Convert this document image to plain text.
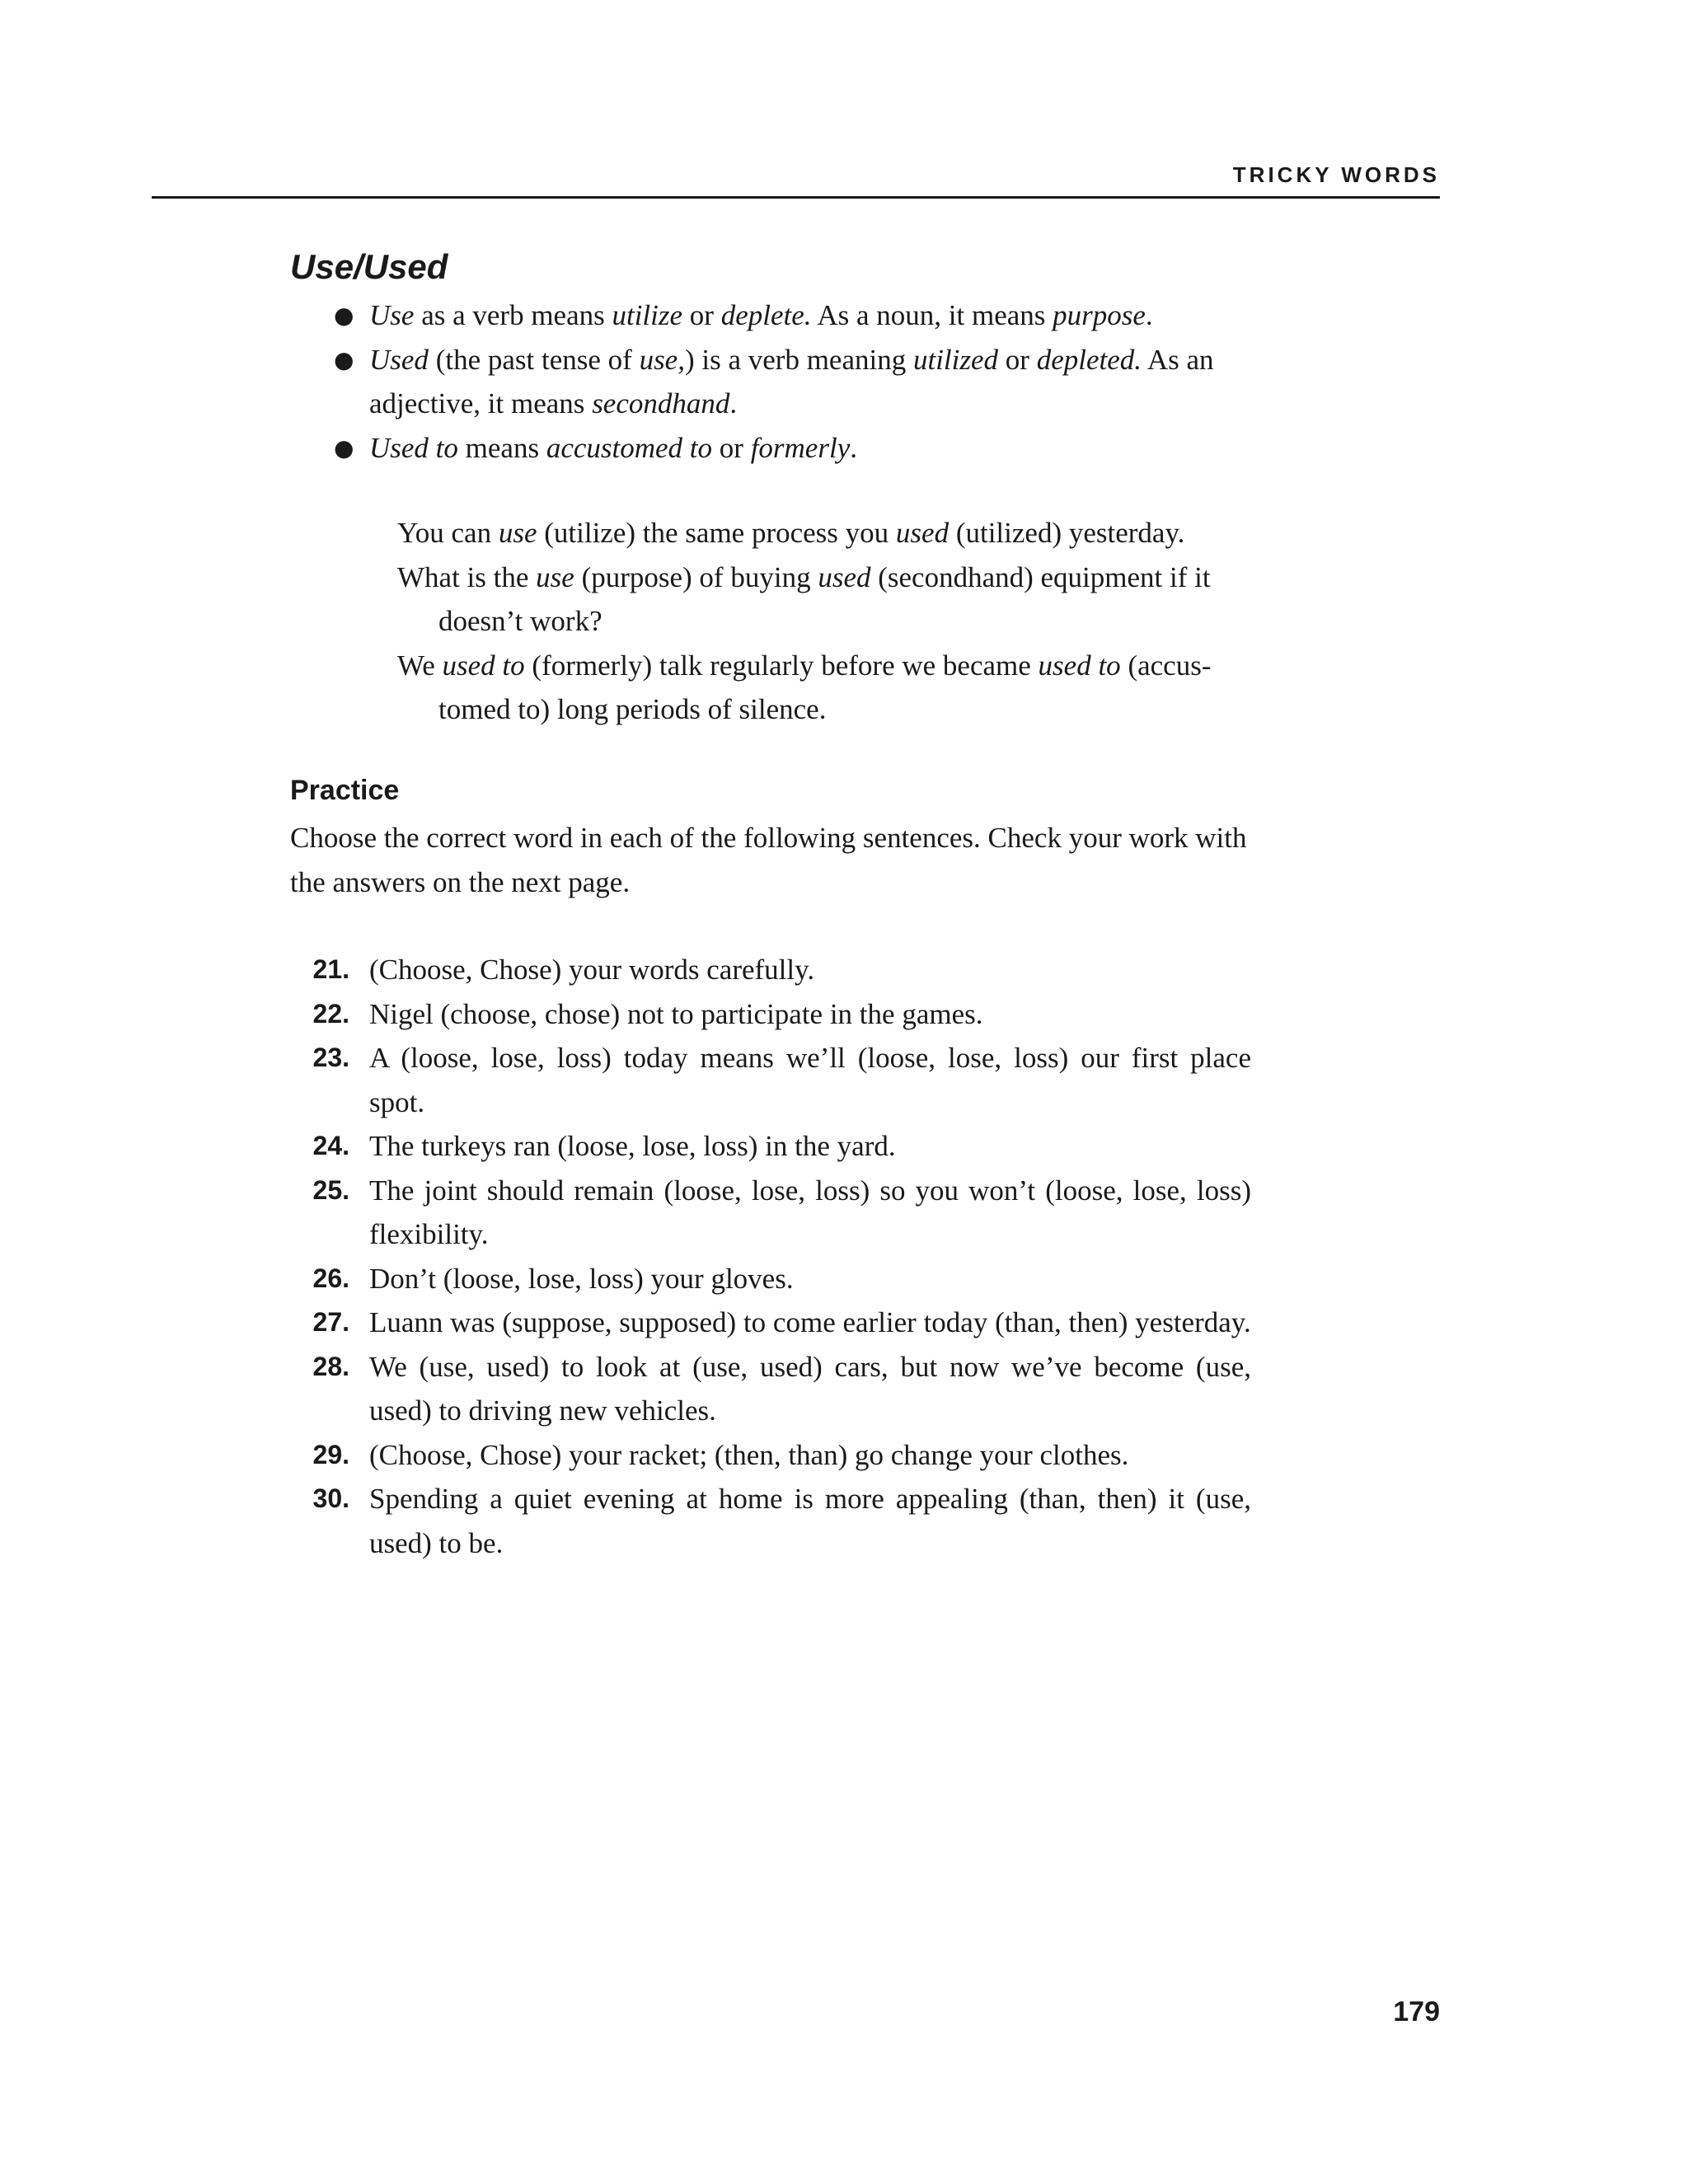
TRICKY WORDS
Use/Used
● Use as a verb means utilize or deplete. As a noun, it means purpose.
● Used (the past tense of use,) is a verb meaning utilized or depleted. As an adjective, it means secondhand.
● Used to means accustomed to or formerly.

You can use (utilize) the same process you used (utilized) yesterday.

What is the use (purpose) of buying used (secondhand) equipment if it doesn’t work?

We used to (formerly) talk regularly before we became used to (accus-tomed to) long periods of silence.

Practice

Choose the correct word in each of the following sentences. Check your work with the answers on the next page.

21. (Choose, Chose) your words carefully.
22. Nigel (choose, chose) not to participate in the games.
23. A (loose, lose, loss) today means we’ll (loose, lose, loss) our first place spot.
24. The turkeys ran (loose, lose, loss) in the yard.
25. The joint should remain (loose, lose, loss) so you won’t (loose, lose, loss) flexibility.
26. Don’t (loose, lose, loss) your gloves.
27. Luann was (suppose, supposed) to come earlier today (than, then) yesterday.
28. We (use, used) to look at (use, used) cars, but now we’ve become (use, used) to driving new vehicles.
29. (Choose, Chose) your racket; (then, than) go change your clothes.
30. Spending a quiet evening at home is more appealing (than, then) it (use, used) to be.
179
